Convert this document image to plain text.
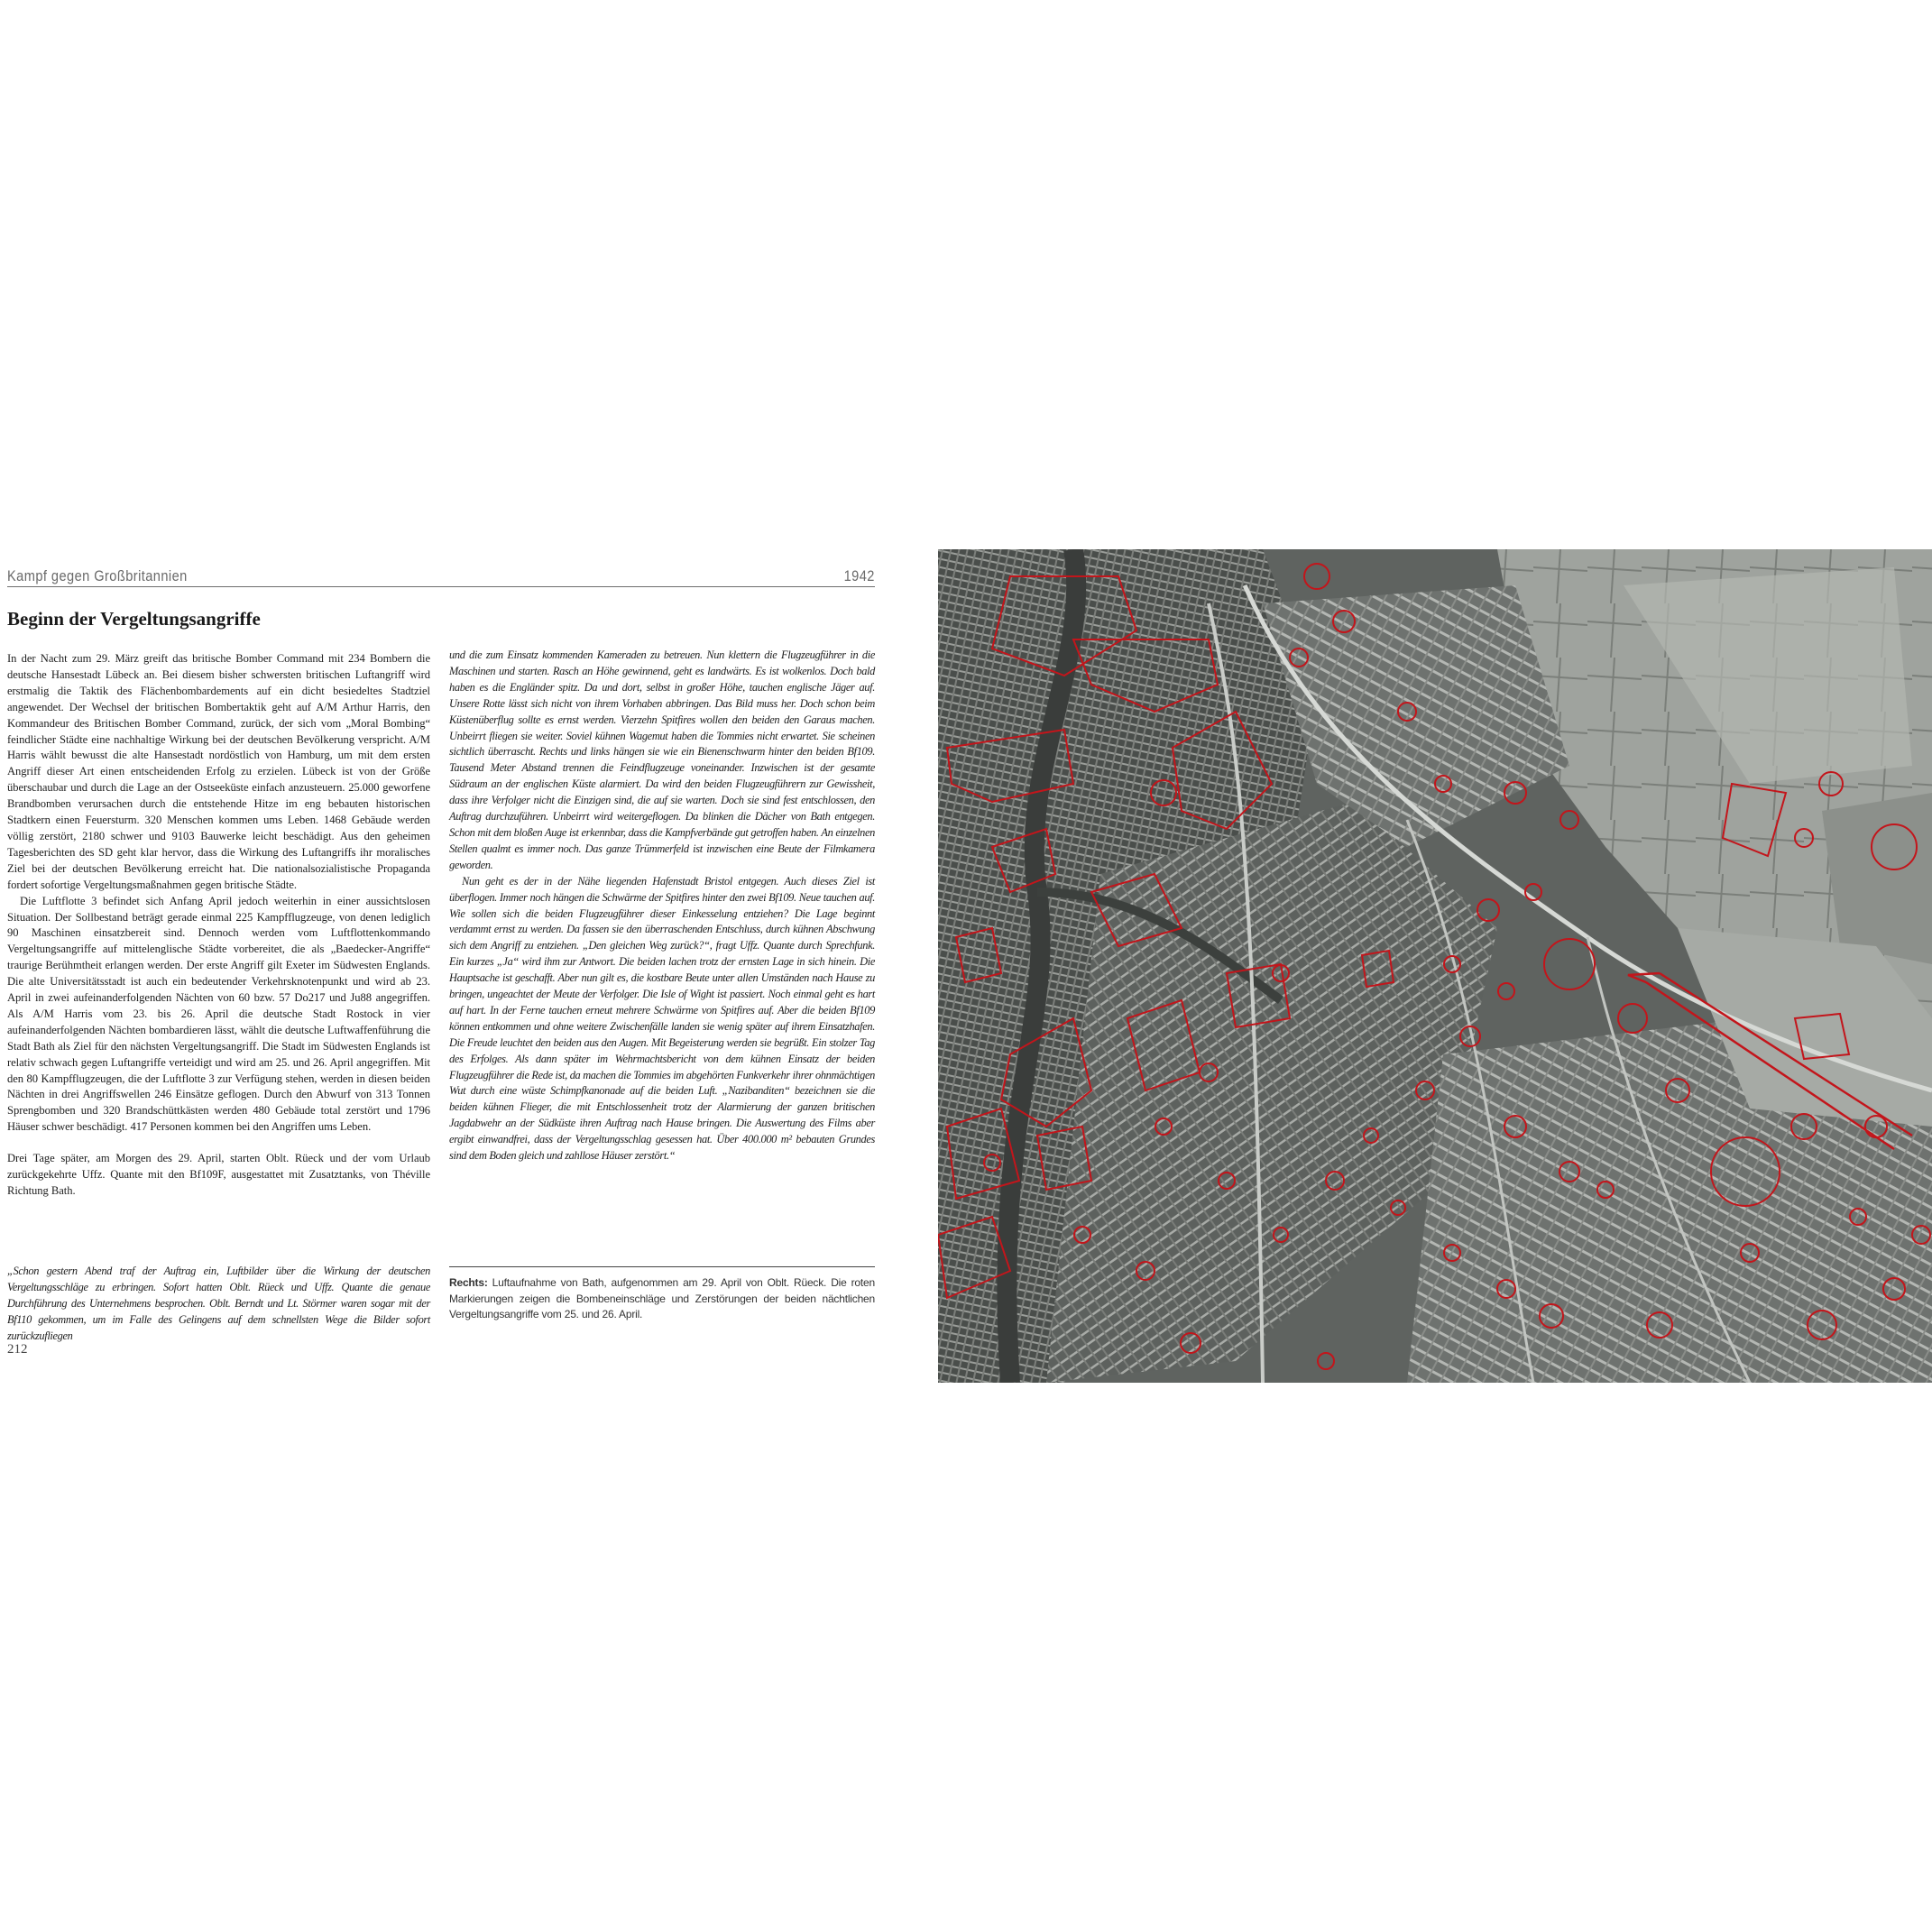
Kampf gegen Großbritannien	1942
Beginn der Vergeltungsangriffe

In der Nacht zum 29. März greift das britische Bomber Command mit 234 Bombern die deutsche Hansestadt Lübeck an. Bei diesem bisher schwersten britischen Luftangriff wird erstmalig die Taktik des Flächenbombardements auf ein dicht besiedeltes Stadtziel angewendet. Der Wechsel der britischen Bombertaktik geht auf A/M Arthur Harris, den Kommandeur des Britischen Bomber Command, zurück, der sich vom „Moral Bombing“ feindlicher Städte eine nachhaltige Wirkung bei der deutschen Bevölkerung verspricht. A/M Harris wählt bewusst die alte Hansestadt nordöstlich von Hamburg, um mit dem ersten Angriff dieser Art einen entscheidenden Erfolg zu erzielen. Lübeck ist von der Größe überschaubar und durch die Lage an der Ostseeküste einfach anzusteuern. 25.000 geworfene Brandbomben verursachen durch die entstehende Hitze im eng bebauten historischen Stadtkern einen Feuersturm. 320 Menschen kommen ums Leben. 1468 Gebäude werden völlig zerstört, 2180 schwer und 9103 Bauwerke leicht beschädigt. Aus den geheimen Tagesberichten des SD geht klar hervor, dass die Wirkung des Luftangriffs ihr moralisches Ziel bei der deutschen Bevölkerung erreicht hat. Die nationalsozialistische Propaganda fordert sofortige Vergeltungsmaßnahmen gegen britische Städte.

Die Luftflotte 3 befindet sich Anfang April jedoch weiterhin in einer aussichtslosen Situation. Der Sollbestand beträgt gerade einmal 225 Kampfflugzeuge, von denen lediglich 90 Maschinen einsatzbereit sind. Dennoch werden vom Luftflottenkommando Vergeltungsangriffe auf mittelenglische Städte vorbereitet, die als „Baedecker-Angriffe“ traurige Berühmtheit erlangen werden. Der erste Angriff gilt Exeter im Südwesten Englands. Die alte Universitätsstadt ist auch ein bedeutender Verkehrsknotenpunkt und wird ab 23. April in zwei aufeinanderfolgenden Nächten von 60 bzw. 57 Do217 und Ju88 angegriffen. Als A/M Harris vom 23. bis 26. April die deutsche Stadt Rostock in vier aufeinanderfolgenden Nächten bombardieren lässt, wählt die deutsche Luftwaffenführung die Stadt Bath als Ziel für den nächsten Vergeltungsangriff. Die Stadt im Südwesten Englands ist relativ schwach gegen Luftangriffe verteidigt und wird am 25. und 26. April angegriffen. Mit den 80 Kampfflugzeugen, die der Luftflotte 3 zur Verfügung stehen, werden in diesen beiden Nächten in drei Angriffswellen 246 Einsätze geflogen. Durch den Abwurf von 313 Tonnen Sprengbomben und 320 Brandschüttkästen werden 480 Gebäude total zerstört und 1796 Häuser schwer beschädigt. 417 Personen kommen bei den Angriffen ums Leben.

Drei Tage später, am Morgen des 29. April, starten Oblt. Rüeck und der vom Urlaub zurückgekehrte Uffz. Quante mit den Bf109F, ausgestattet mit Zusatztanks, von Théville Richtung Bath.

„Schon gestern Abend traf der Auftrag ein, Luftbilder über die Wirkung der deutschen Vergeltungsschläge zu erbringen. Sofort hatten Oblt. Rüeck und Uffz. Quante die genaue Durchführung des Unternehmens besprochen. Oblt. Berndt und Lt. Störmer waren sogar mit der Bf110 gekommen, um im Falle des Gelingens auf dem schnellsten Wege die Bilder sofort zurückzufliegen

und die zum Einsatz kommenden Kameraden zu betreuen. Nun klettern die Flugzeugführer in die Maschinen und starten. Rasch an Höhe gewinnend, geht es landwärts. Es ist wolkenlos. Doch bald haben es die Engländer spitz. Da und dort, selbst in großer Höhe, tauchen englische Jäger auf. Unsere Rotte lässt sich nicht von ihrem Vorhaben abbringen. Das Bild muss her. Doch schon beim Küstenüberflug sollte es ernst werden. Vierzehn Spitfires wollen den beiden den Garaus machen. Unbeirrt fliegen sie weiter. Soviel kühnen Wagemut haben die Tommies nicht erwartet. Sie scheinen sichtlich überrascht. Rechts und links hängen sie wie ein Bienenschwarm hinter den beiden Bf109. Tausend Meter Abstand trennen die Feindflugzeuge voneinander. Inzwischen ist der gesamte Südraum an der englischen Küste alarmiert. Da wird den beiden Flugzeugführern zur Gewissheit, dass ihre Verfolger nicht die Einzigen sind, die auf sie warten. Doch sie sind fest entschlossen, den Auftrag durchzuführen. Unbeirrt wird weitergeflogen. Da blinken die Dächer von Bath entgegen. Schon mit dem bloßen Auge ist erkennbar, dass die Kampfverbände gut getroffen haben. An einzelnen Stellen qualmt es immer noch. Das ganze Trümmerfeld ist inzwischen eine Beute der Filmkamera geworden.

Nun geht es der in der Nähe liegenden Hafenstadt Bristol entgegen. Auch dieses Ziel ist überflogen. Immer noch hängen die Schwärme der Spitfires hinter den zwei Bf109. Neue tauchen auf. Wie sollen sich die beiden Flugzeugführer dieser Einkesselung entziehen? Die Lage beginnt verdammt ernst zu werden. Da fassen sie den überraschenden Entschluss, durch kühnen Abschwung sich dem Angriff zu entziehen. „Den gleichen Weg zurück?“, fragt Uffz. Quante durch Sprechfunk. Ein kurzes „Ja“ wird ihm zur Antwort. Die beiden lachen trotz der ernsten Lage in sich hinein. Die Hauptsache ist geschafft. Aber nun gilt es, die kostbare Beute unter allen Umständen nach Hause zu bringen, ungeachtet der Meute der Verfolger. Die Isle of Wight ist passiert. Noch einmal geht es hart auf hart. In der Ferne tauchen erneut mehrere Schwärme von Spitfires auf. Aber die beiden Bf109 können entkommen und ohne weitere Zwischenfälle landen sie wenig später auf ihrem Einsatzhafen. Die Freude leuchtet den beiden aus den Augen. Mit Begeisterung werden sie begrüßt. Ein stolzer Tag des Erfolges. Als dann später im Wehrmachtsbericht von dem kühnen Einsatz der beiden Flugzeugführer die Rede ist, da machen die Tommies im abgehörten Funkverkehr ihrer ohnmächtigen Wut durch eine wüste Schimpfkanonade auf die beiden Luft. „Nazibanditen“ bezeichnen sie die beiden kühnen Flieger, die mit Entschlossenheit trotz der Alarmierung der ganzen britischen Jagdabwehr an der Südküste ihren Auftrag nach Hause bringen. Die Auswertung des Films aber ergibt einwandfrei, dass der Vergeltungsschlag gesessen hat. Über 400.000 m² bebauten Grundes sind dem Boden gleich und zahllose Häuser zerstört.“

Rechts: Luftaufnahme von Bath, aufgenommen am 29. April von Oblt. Rüeck. Die roten Markierungen zeigen die Bombeneinschläge und Zerstörungen der beiden nächtlichen Vergeltungsangriffe vom 25. und 26. April.
212
